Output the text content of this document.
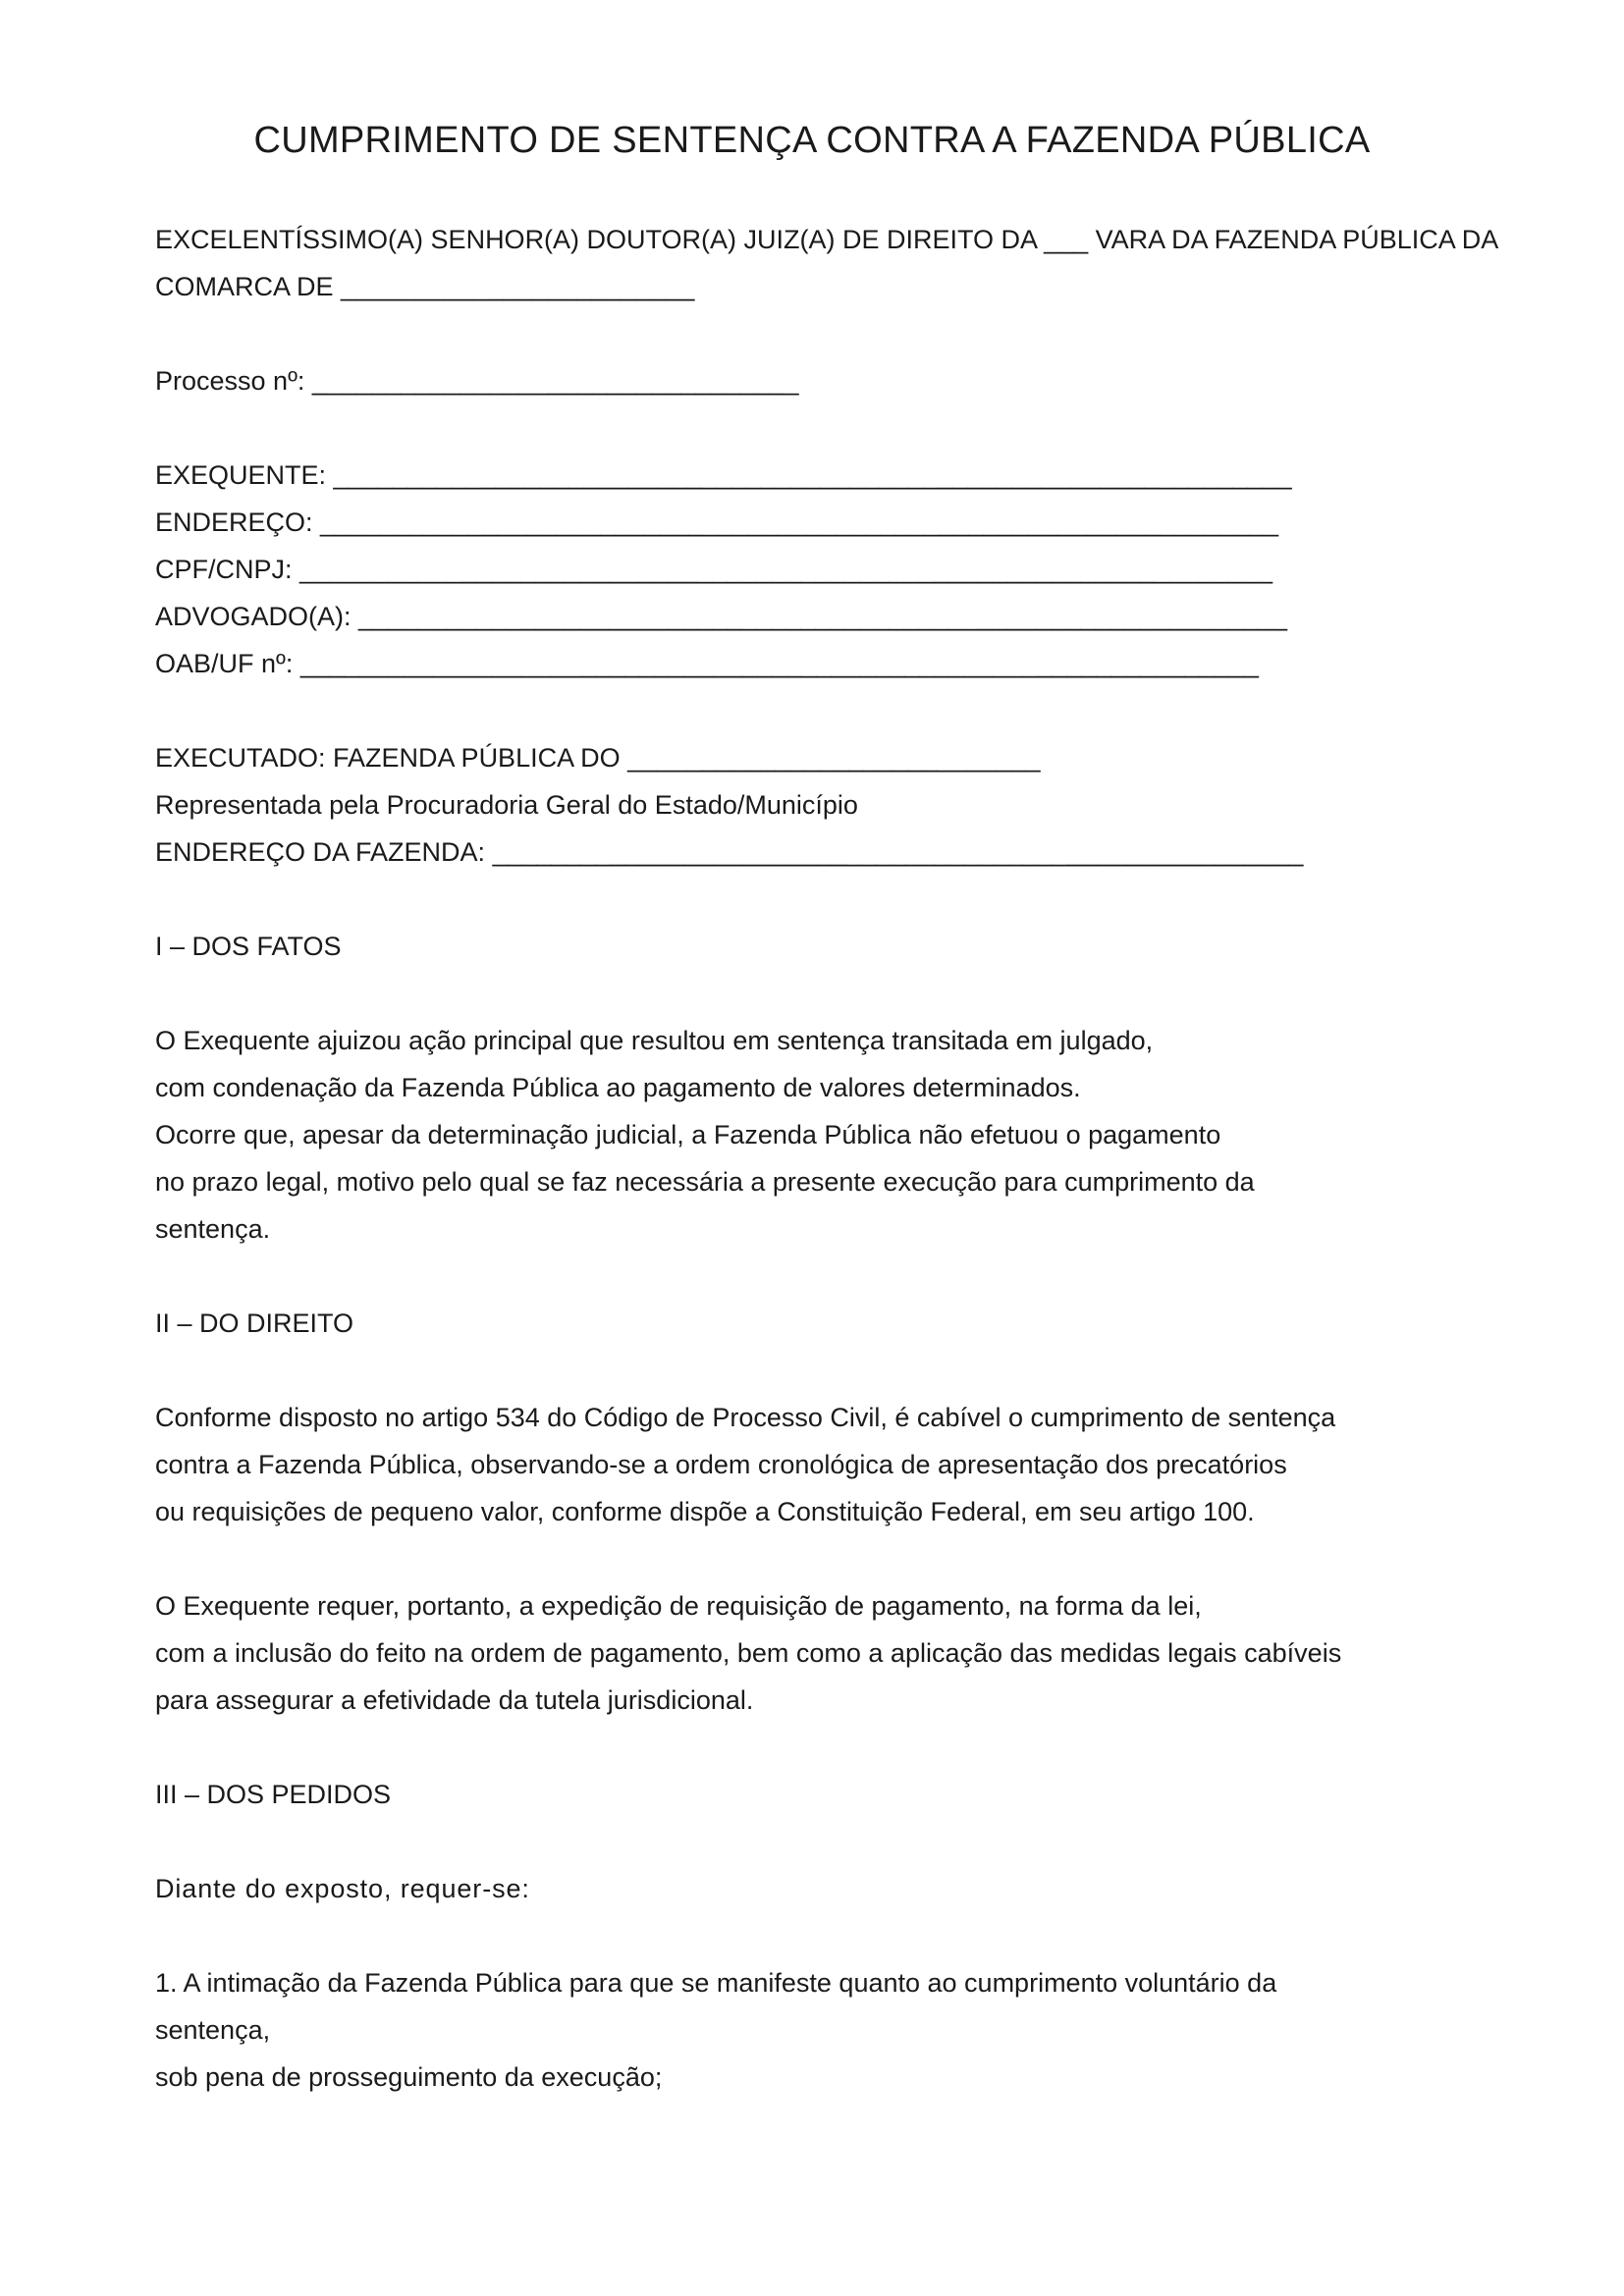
CUMPRIMENTO DE SENTENÇA CONTRA A FAZENDA PÚBLICA

EXCELENTÍSSIMO(A) SENHOR(A) DOUTOR(A) JUIZ(A) DE DIREITO DA ___ VARA DA FAZENDA PÚBLICA DA

COMARCA DE ________________________

Processo nº: _________________________________

EXEQUENTE: _________________________________________________________________

ENDEREÇO: _________________________________________________________________

CPF/CNPJ: __________________________________________________________________

ADVOGADO(A): _______________________________________________________________

OAB/UF nº: _________________________________________________________________

EXECUTADO: FAZENDA PÚBLICA DO ____________________________

Representada pela Procuradoria Geral do Estado/Município

ENDEREÇO DA FAZENDA: _______________________________________________________

I – DOS FATOS

O Exequente ajuizou ação principal que resultou em sentença transitada em julgado,

com condenação da Fazenda Pública ao pagamento de valores determinados.

Ocorre que, apesar da determinação judicial, a Fazenda Pública não efetuou o pagamento

no prazo legal, motivo pelo qual se faz necessária a presente execução para cumprimento da

sentença.

II – DO DIREITO

Conforme disposto no artigo 534 do Código de Processo Civil, é cabível o cumprimento de sentença

contra a Fazenda Pública, observando-se a ordem cronológica de apresentação dos precatórios

ou requisições de pequeno valor, conforme dispõe a Constituição Federal, em seu artigo 100.

O Exequente requer, portanto, a expedição de requisição de pagamento, na forma da lei,

com a inclusão do feito na ordem de pagamento, bem como a aplicação das medidas legais cabíveis

para assegurar a efetividade da tutela jurisdicional.

III – DOS PEDIDOS

Diante do exposto, requer-se:

1. A intimação da Fazenda Pública para que se manifeste quanto ao cumprimento voluntário da

sentença,

sob pena de prosseguimento da execução;
